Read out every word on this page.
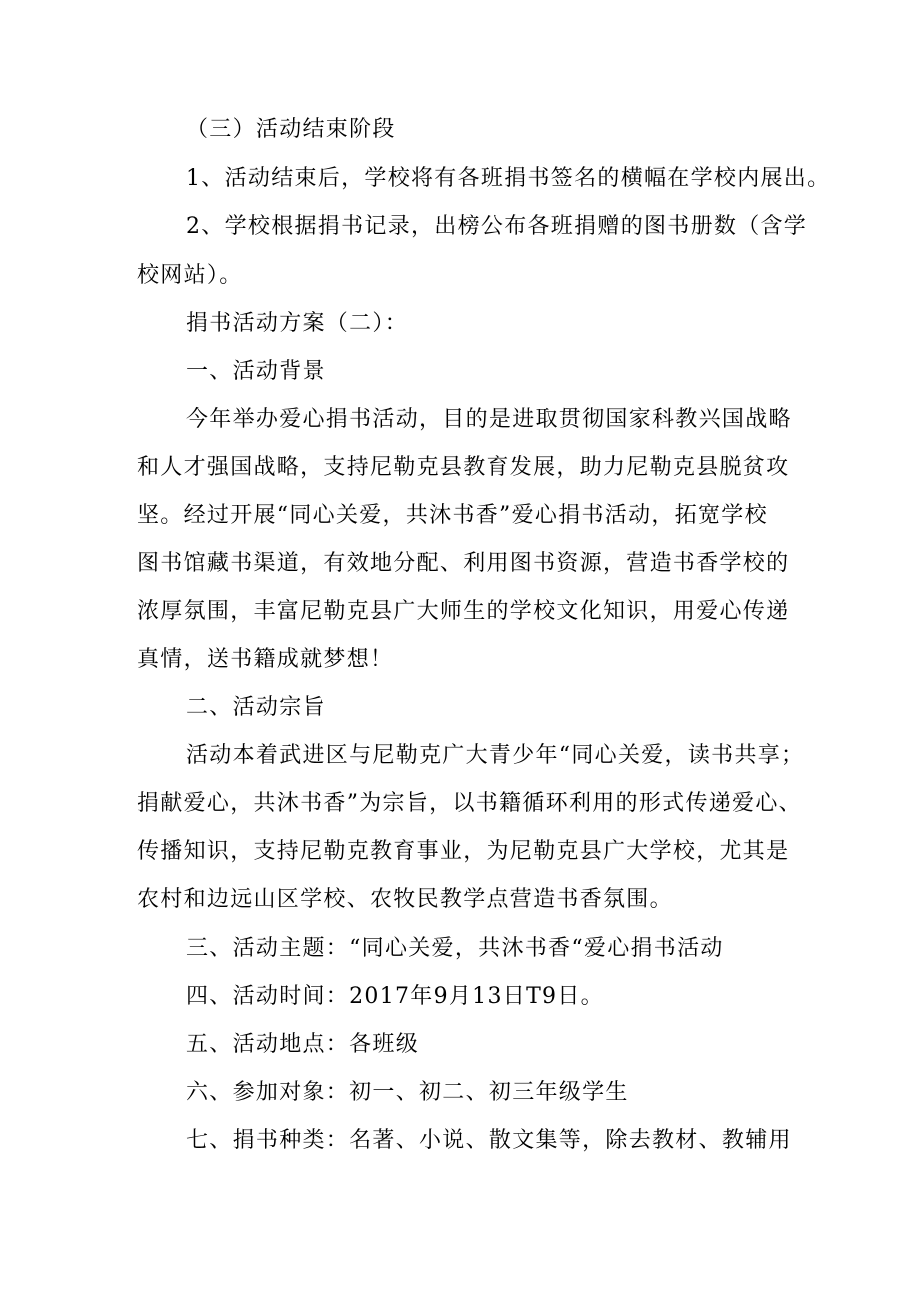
（三）活动结束阶段
1、活动结束后，学校将有各班捐书签名的横幅在学校内展出。
2、学校根据捐书记录，出榜公布各班捐赠的图书册数（含学
校网站）。
捐书活动方案（二）：
一、活动背景
今年举办爱心捐书活动，目的是进取贯彻国家科教兴国战略
和人才强国战略，支持尼勒克县教育发展，助力尼勒克县脱贫攻
坚。经过开展“同心关爱，共沐书香”爱心捐书活动，拓宽学校
图书馆藏书渠道，有效地分配、利用图书资源，营造书香学校的
浓厚氛围，丰富尼勒克县广大师生的学校文化知识，用爱心传递
真情，送书籍成就梦想！
二、活动宗旨
活动本着武进区与尼勒克广大青少年“同心关爱，读书共享；
捐献爱心，共沐书香”为宗旨，以书籍循环利用的形式传递爱心、
传播知识，支持尼勒克教育事业，为尼勒克县广大学校，尤其是
农村和边远山区学校、农牧民教学点营造书香氛围。
三、活动主题：“同心关爱，共沐书香“爱心捐书活动
四、活动时间：2017年9月13日T9日。
五、活动地点：各班级
六、参加对象：初一、初二、初三年级学生
七、捐书种类：名著、小说、散文集等，除去教材、教辅用
